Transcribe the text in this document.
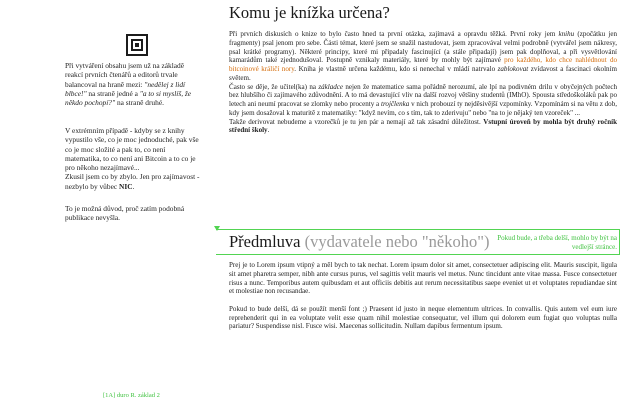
Při vytváření obsahu jsem už na základě reakcí prvních čtenářů a editorů trvale balancoval na hraně mezi: "nedělej z lidí blbce!" na straně jedné a "a to si myslíš, že někdo pochopí?" na straně druhé.

V extrémním případě - kdyby se z knihy vypustilo vše, co je moc jednoduché, pak vše co je moc složité a pak to, co není matematika, to co není ani Bitcoin a to co je pro někoho nezajímavé...
Zkusil jsem co by zbylo. Jen pro zajímavost - nezbylo by vůbec NIC.

To je možná důvod, proč zatím podobná publikace nevyšla.

Komu je knížka určena?

Při prvních diskusích o knize to bylo často hned ta první otázka, zajímavá a opravdu těžká. První roky jem knihu (zpočátku jen fragmenty) psal jenom pro sebe. Části témat, které jsem se snažil nastudovat, jsem zpracovával velmi podrobně (vytvářel jsem nákresy, psal krátké programy). Některé principy, které mi připadaly fascinující (a stále připadají) jsem pak doplňoval, a při vysvětlování kamarádům také zjednodušoval. Postupně vznikaly materiály, které by mohly být zajímavé pro každého, kdo chce nahlédnout do bitcoinové králičí nory. Kniha je vlastně určena každému, kdo si nenechal v mládí natrvalo zablokovat zvídavost a fascinaci okolním světem.
Často se děje, že učitel(ka) na základce nejen že matematice sama pořádně nerozumí, ale lpí na podivném drilu v obyčejných počtech bez hlubšího či zajímavého zdůvodnění. A to má devastující vliv na další rozvoj většiny studentů (IMhO). Spousta středoškoláků pak po letech ani neumí pracovat se zlomky nebo procenty a trojčlenka v nich probouzí ty nejděsivější vzpomínky. Vzpomínám si na větu z dob, kdy jsem dosažoval k maturitě z matematiky: "když nevím, co s tím, tak to zderivuju" nebo "na to je nějaký ten vzoreček" ...
Takže derivovat nebudeme a vzorečků je tu jen pár a nemají až tak zásadní důležitost. Vstupní úroveň by mohla být druhý ročník střední školy.

Předmluva (vydavatele nebo "někoho") Pokud bude, a třeba delší, mohlo by být na vedlejší stránce.

Prej je to Lorem ipsum vtipný a měl bych to tak nechat. Lorem ipsum dolor sit amet, consectetuer adipiscing elit. Mauris suscipit, ligula sit amet pharetra semper, nibh ante cursus purus, vel sagittis velit mauris vel metus. Nunc tincidunt ante vitae massa. Fusce consectetuer risus a nunc. Temporibus autem quibusdam et aut officiis debitis aut rerum necessitatibus saepe eveniet ut et voluptates repudiandae sint et molestiae non recusandae.

Pokud to bude delší, dá se použít menší font ;) Praesent id justo in neque elementum ultrices. In convallis. Quis autem vel eum iure reprehenderit qui in ea voluptate velit esse quam nihil molestiae consequatur, vel illum qui dolorem eum fugiat quo voluptas nulla pariatur? Suspendisse nisl. Fusce wisi. Maecenas sollicitudin. Nullam dapibus fermentum ipsum.

[1A] duro R. základ 2
